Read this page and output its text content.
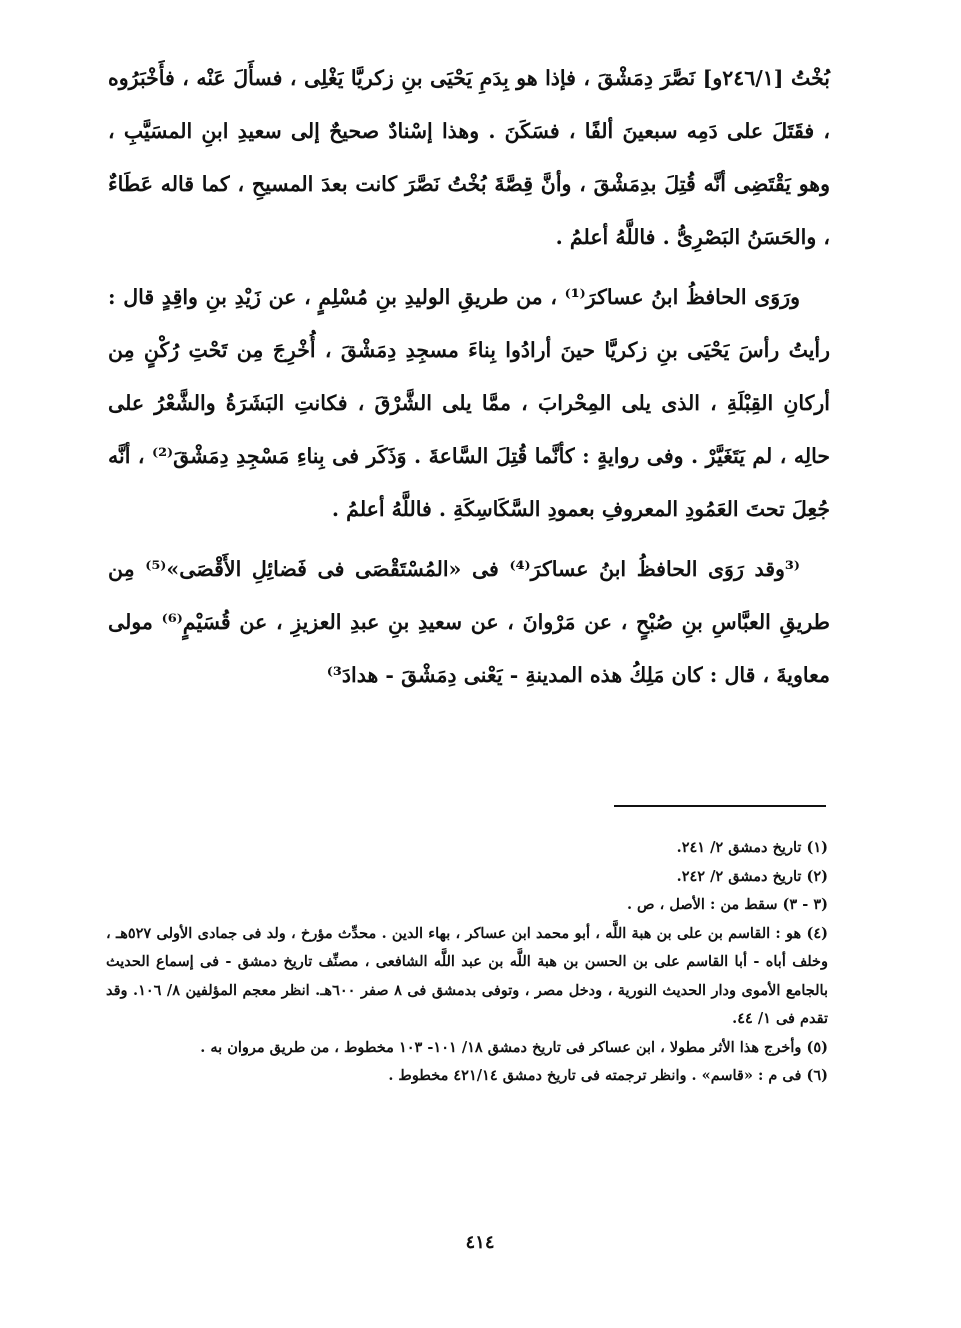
بُخْتُ [٢٤٦/١و] نَصَّرَ دِمَشْقَ ، فإذا هو بِدَمِ يَحْيَى بنِ زكريَّا يَغْلِى ، فسأَلَ عَنْه ، فأَخْبَرُوه ، فقَتَلَ على دَمِه سبعينَ ألفًا ، فسَكَنَ . وهذا إسْنادٌ صحيحٌ إلى سعيدِ ابنِ المسَيَّبِ ، وهو يَقْتَضِى أنَّه قُتِلَ بدِمَشْقَ ، وأنَّ قِصَّةَ بُخْتُ نَصَّرَ كانت بعدَ المسيحِ ، كما قاله عَطَاءٌ ، والحَسَنُ البَصْرِىُّ . فاللَّهُ أعلمُ .

ورَوَى الحافظُ ابنُ عساكرَ⁽¹⁾ ، من طريقِ الوليدِ بنِ مُسْلِمٍ ، عن زَيْدِ بنِ واقِدٍ قال : رأيتُ رأسَ يَحْيَى بنِ زكريَّا حينَ أرادُوا بِناءَ مسجِدِ دِمَشْقَ ، أُخْرِجَ مِن تَحْتِ رُكْنٍ مِن أركانِ القِبْلَةِ ، الذى يلى المِحْرابَ ، ممَّا يلى الشَّرْقَ ، فكانتِ البَشَرَةُ والشَّعْرُ على حالِه ، لم يَتَغَيَّرْ . وفى روايةٍ : كأنَّما قُتِلَ السَّاعةَ . وَذَكَر فى بِناءِ مَسْجِدِ دِمَشْقَ⁽²⁾ ، أنَّه جُعِلَ تحتَ العَمُودِ المعروفِ بعمودِ السَّكَاسِكَةِ . فاللَّهُ أعلمُ .

⁽³وقد رَوَى الحافظُ ابنُ عساكرَ⁽⁴⁾ فى «المُسْتَقْصَى فى فَضائِلِ الأَقْصَى»⁽⁵⁾ مِن طريقِ العبَّاسِ بنِ صُبْحٍ ، عن مَرْوانَ ، عن سعيدِ بنِ عبدِ العزيزِ ، عن قُسَيْمٍ⁽⁶⁾ مولى معاويةَ ، قال : كان مَلِكُ هذه المدينةِ - يَعْنى دِمَشْقَ - هدادَ³⁾

(١) تاريخ دمشق ٢/ ٢٤١.

(٢) تاريخ دمشق ٢/ ٢٤٢.

(٣ - ٣) سقط من : الأصل ، ص .

(٤) هو : القاسم بن على بن هبة اللَّه ، أبو محمد ابن عساكر ، بهاء الدين . محدِّث مؤرخ ، ولد فى جمادى الأولى ٥٢٧هـ ، وخلف أباه - أبا القاسم على بن الحسن بن هبة اللَّه بن عبد اللَّه الشافعى ، مصنِّف تاريخ دمشق - فى إسماع الحديث بالجامع الأموى ودار الحديث النورية ، ودخل مصر ، وتوفى بدمشق فى ٨ صفر ٦٠٠هـ. انظر معجم المؤلفين ٨/ ١٠٦. وقد تقدم فى ١/ ٤٤.

(٥) وأخرج هذا الأثر مطولا ، ابن عساكر فى تاريخ دمشق ١٨/ ١٠١- ١٠٣ مخطوط ، من طريق مروان به .

(٦) فى م : «قاسم» . وانظر ترجمته فى تاريخ دمشق ٤٢١/١٤ مخطوط .

٤١٤
